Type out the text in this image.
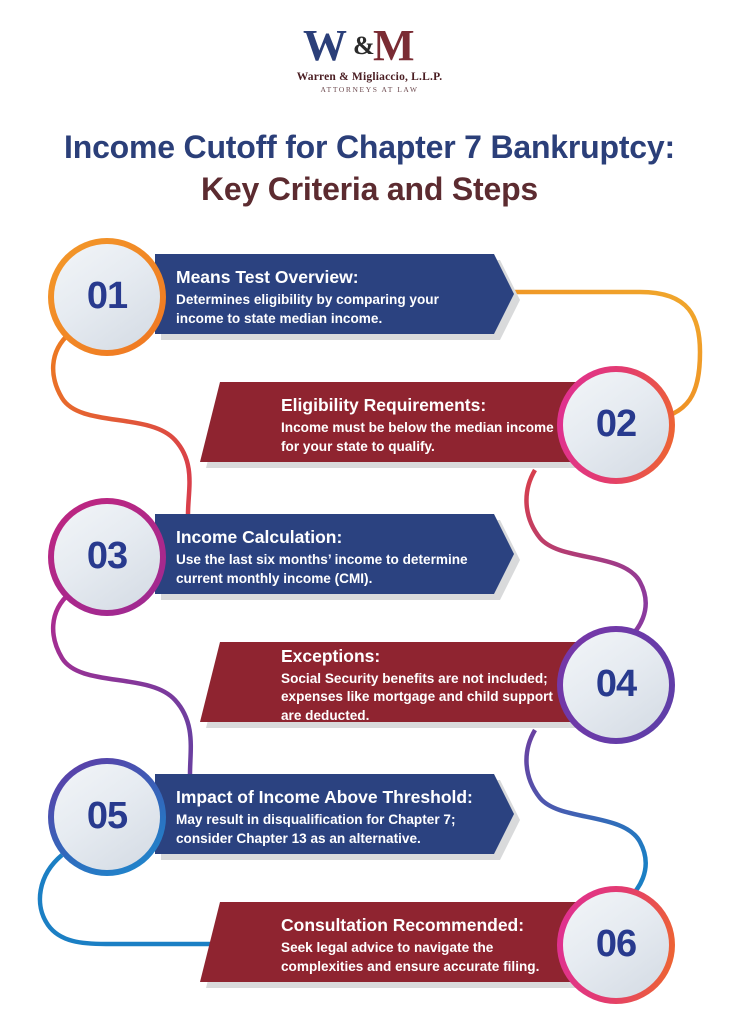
W M
&
Warren & Migliaccio, L.L.P.
ATTORNEYS AT LAW
Income Cutoff for Chapter 7 Bankruptcy:
Key Criteria and Steps
01	Means Test Overview:
Determines eligibility by comparing your income to state median income.
02
Eligibility Requirements:
Income must be below the median income for your state to qualify.
03	Income Calculation:
Use the last six months’ income to determine current monthly income (CMI).
04
Exceptions:
Social Security benefits are not included; expenses like mortgage and child support are deducted.
05	Impact of Income Above Threshold:
May result in disqualification for Chapter 7; consider Chapter 13 as an alternative.
06
Consultation Recommended:
Seek legal advice to navigate the complexities and ensure accurate filing.
